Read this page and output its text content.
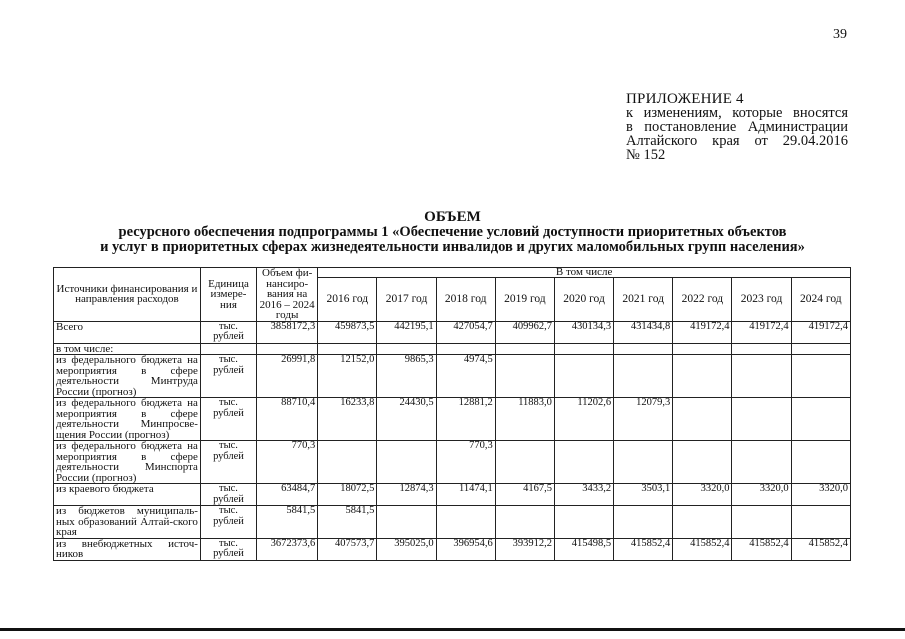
39
ПРИЛОЖЕНИЕ 4
к изменениям, которые вносятся
в постановление Администрации
Алтайского края от 29.04.2016
№ 152
ОБЪЕМ
ресурсного обеспечения подпрограммы 1 «Обеспечение условий доступности приоритетных объектов
и услуг в приоритетных сферах жизнедеятельности инвалидов и других маломобильных групп населения»
Источники финансирования и направления расходов	Единица измере-ния	Объем фи-нансиро-вания на 2016 – 2024 годы	В том числе								
			2016 год	2017 год	2018 год	2019 год	2020 год	2021 год	2022 год	2023 год	2024 год
Всего	тыс. рублей	3858172,3	459873,5	442195,1	427054,7	409962,7	430134,3	431434,8	419172,4	419172,4	419172,4
в том числе:											
из федерального бюджета на мероприятия в сфере деятельности Минтруда России (прогноз)	тыс. рублей	26991,8	12152,0	9865,3	4974,5						
из федерального бюджета на мероприятия в сфере деятельности Минпросве-щения России (прогноз)	тыс. рублей	88710,4	16233,8	24430,5	12881,2	11883,0	11202,6	12079,3			
из федерального бюджета на мероприятия в сфере деятельности Минспорта России (прогноз)	тыс. рублей	770,3			770,3						
из краевого бюджета	тыс. рублей	63484,7	18072,5	12874,3	11474,1	4167,5	3433,2	3503,1	3320,0	3320,0	3320,0
из бюджетов муниципаль-ных образований Алтай-ского края	тыс. рублей	5841,5	5841,5								
из внебюджетных источ-ников	тыс. рублей	3672373,6	407573,7	395025,0	396954,6	393912,2	415498,5	415852,4	415852,4	415852,4	415852,4
